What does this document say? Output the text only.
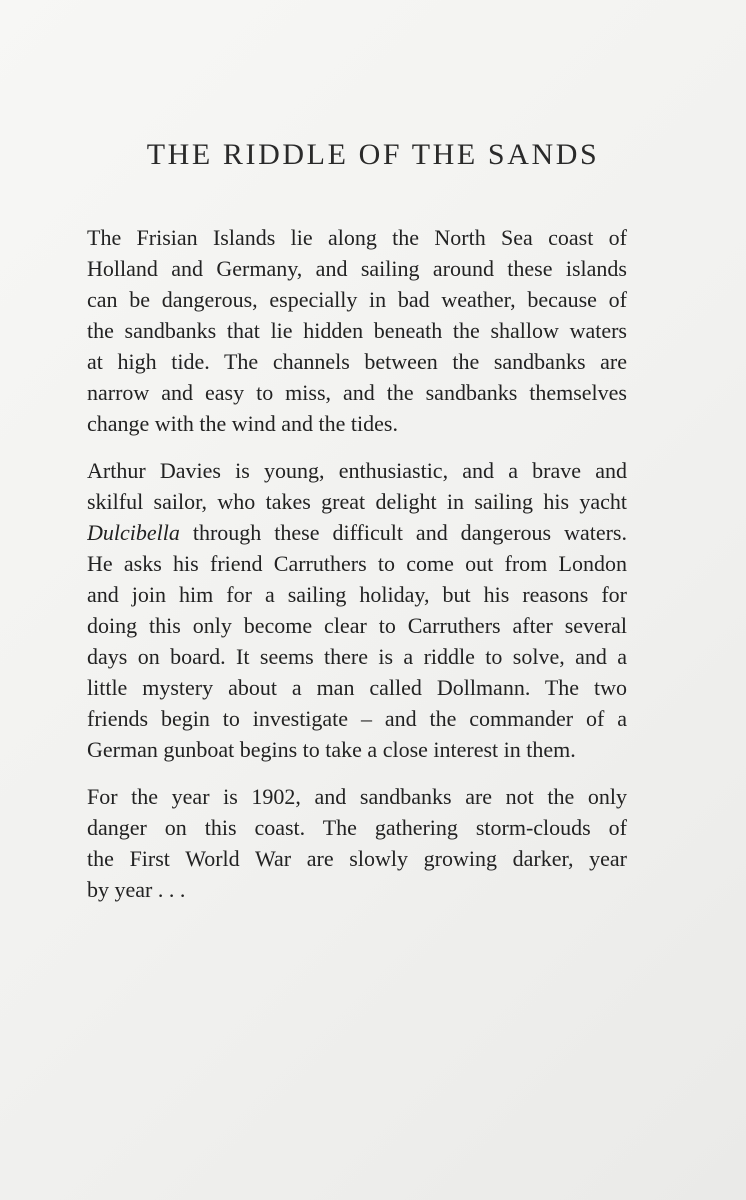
THE RIDDLE OF THE SANDS

The Frisian Islands lie along the North Sea coast of
Holland and Germany, and sailing around these islands
can be dangerous, especially in bad weather, because of
the sandbanks that lie hidden beneath the shallow waters
at high tide. The channels between the sandbanks are
narrow and easy to miss, and the sandbanks themselves
change with the wind and the tides.

Arthur Davies is young, enthusiastic, and a brave and
skilful sailor, who takes great delight in sailing his yacht
Dulcibella through these difficult and dangerous waters.
He asks his friend Carruthers to come out from London
and join him for a sailing holiday, but his reasons for
doing this only become clear to Carruthers after several
days on board. It seems there is a riddle to solve, and a
little mystery about a man called Dollmann. The two
friends begin to investigate – and the commander of a
German gunboat begins to take a close interest in them.

For the year is 1902, and sandbanks are not the only
danger on this coast. The gathering storm-clouds of
the First World War are slowly growing darker, year
by year . . .
